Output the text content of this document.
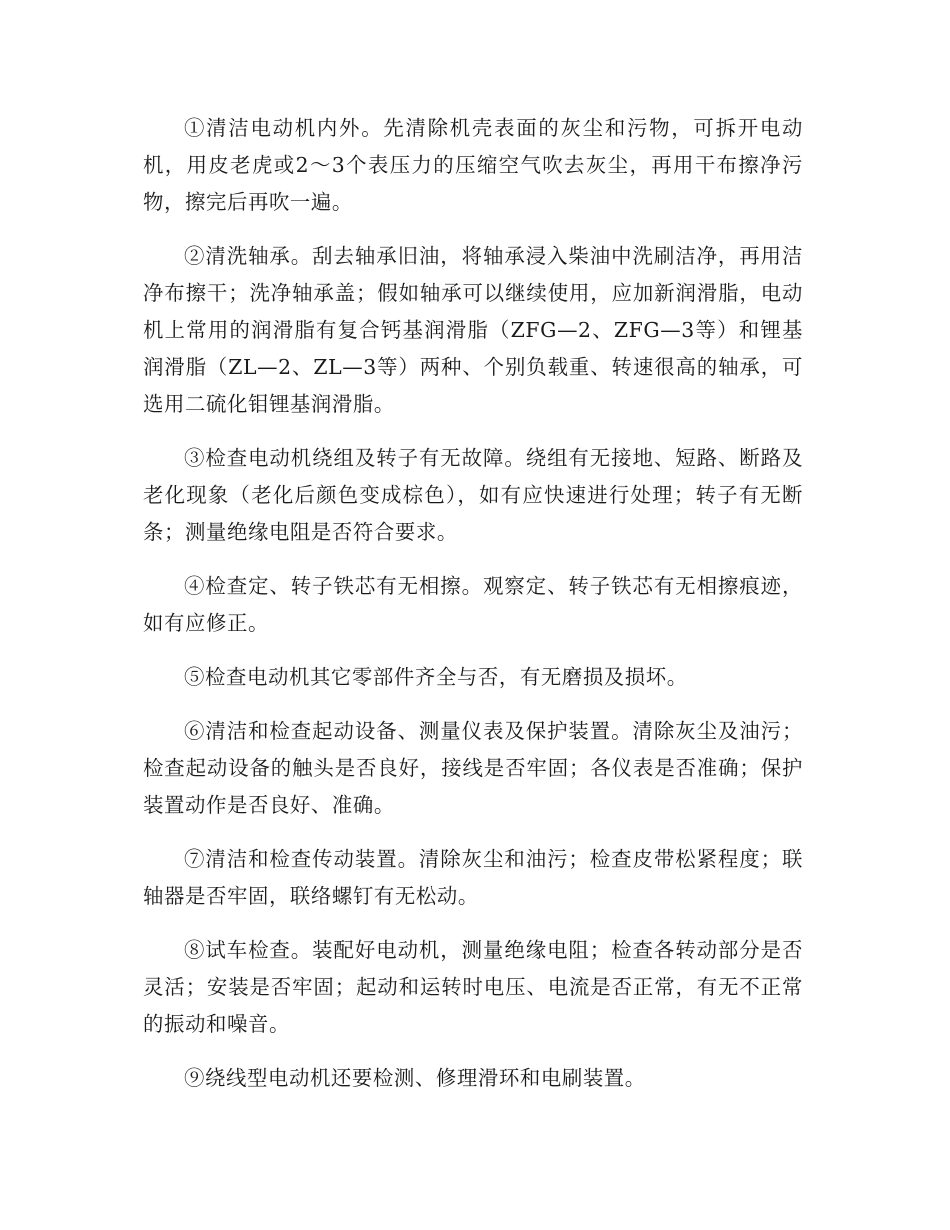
①清洁电动机内外。先清除机壳表面的灰尘和污物，可拆开电动机，用皮老虎或2～3个表压力的压缩空气吹去灰尘，再用干布擦净污物，擦完后再吹一遍。

②清洗轴承。刮去轴承旧油，将轴承浸入柴油中洗刷洁净，再用洁净布擦干；洗净轴承盖；假如轴承可以继续使用，应加新润滑脂，电动机上常用的润滑脂有复合钙基润滑脂（ZFG—2、ZFG—3等）和锂基润滑脂（ZL—2、ZL—3等）两种、个别负载重、转速很高的轴承，可选用二硫化钼锂基润滑脂。

③检查电动机绕组及转子有无故障。绕组有无接地、短路、断路及老化现象（老化后颜色变成棕色），如有应快速进行处理；转子有无断条；测量绝缘电阻是否符合要求。

④检查定、转子铁芯有无相擦。观察定、转子铁芯有无相擦痕迹，如有应修正。

⑤检查电动机其它零部件齐全与否，有无磨损及损坏。

⑥清洁和检查起动设备、测量仪表及保护装置。清除灰尘及油污；检查起动设备的触头是否良好，接线是否牢固；各仪表是否准确；保护装置动作是否良好、准确。

⑦清洁和检查传动装置。清除灰尘和油污；检查皮带松紧程度；联轴器是否牢固，联络螺钉有无松动。

⑧试车检查。装配好电动机，测量绝缘电阻；检查各转动部分是否灵活；安装是否牢固；起动和运转时电压、电流是否正常，有无不正常的振动和噪音。

⑨绕线型电动机还要检测、修理滑环和电刷装置。
